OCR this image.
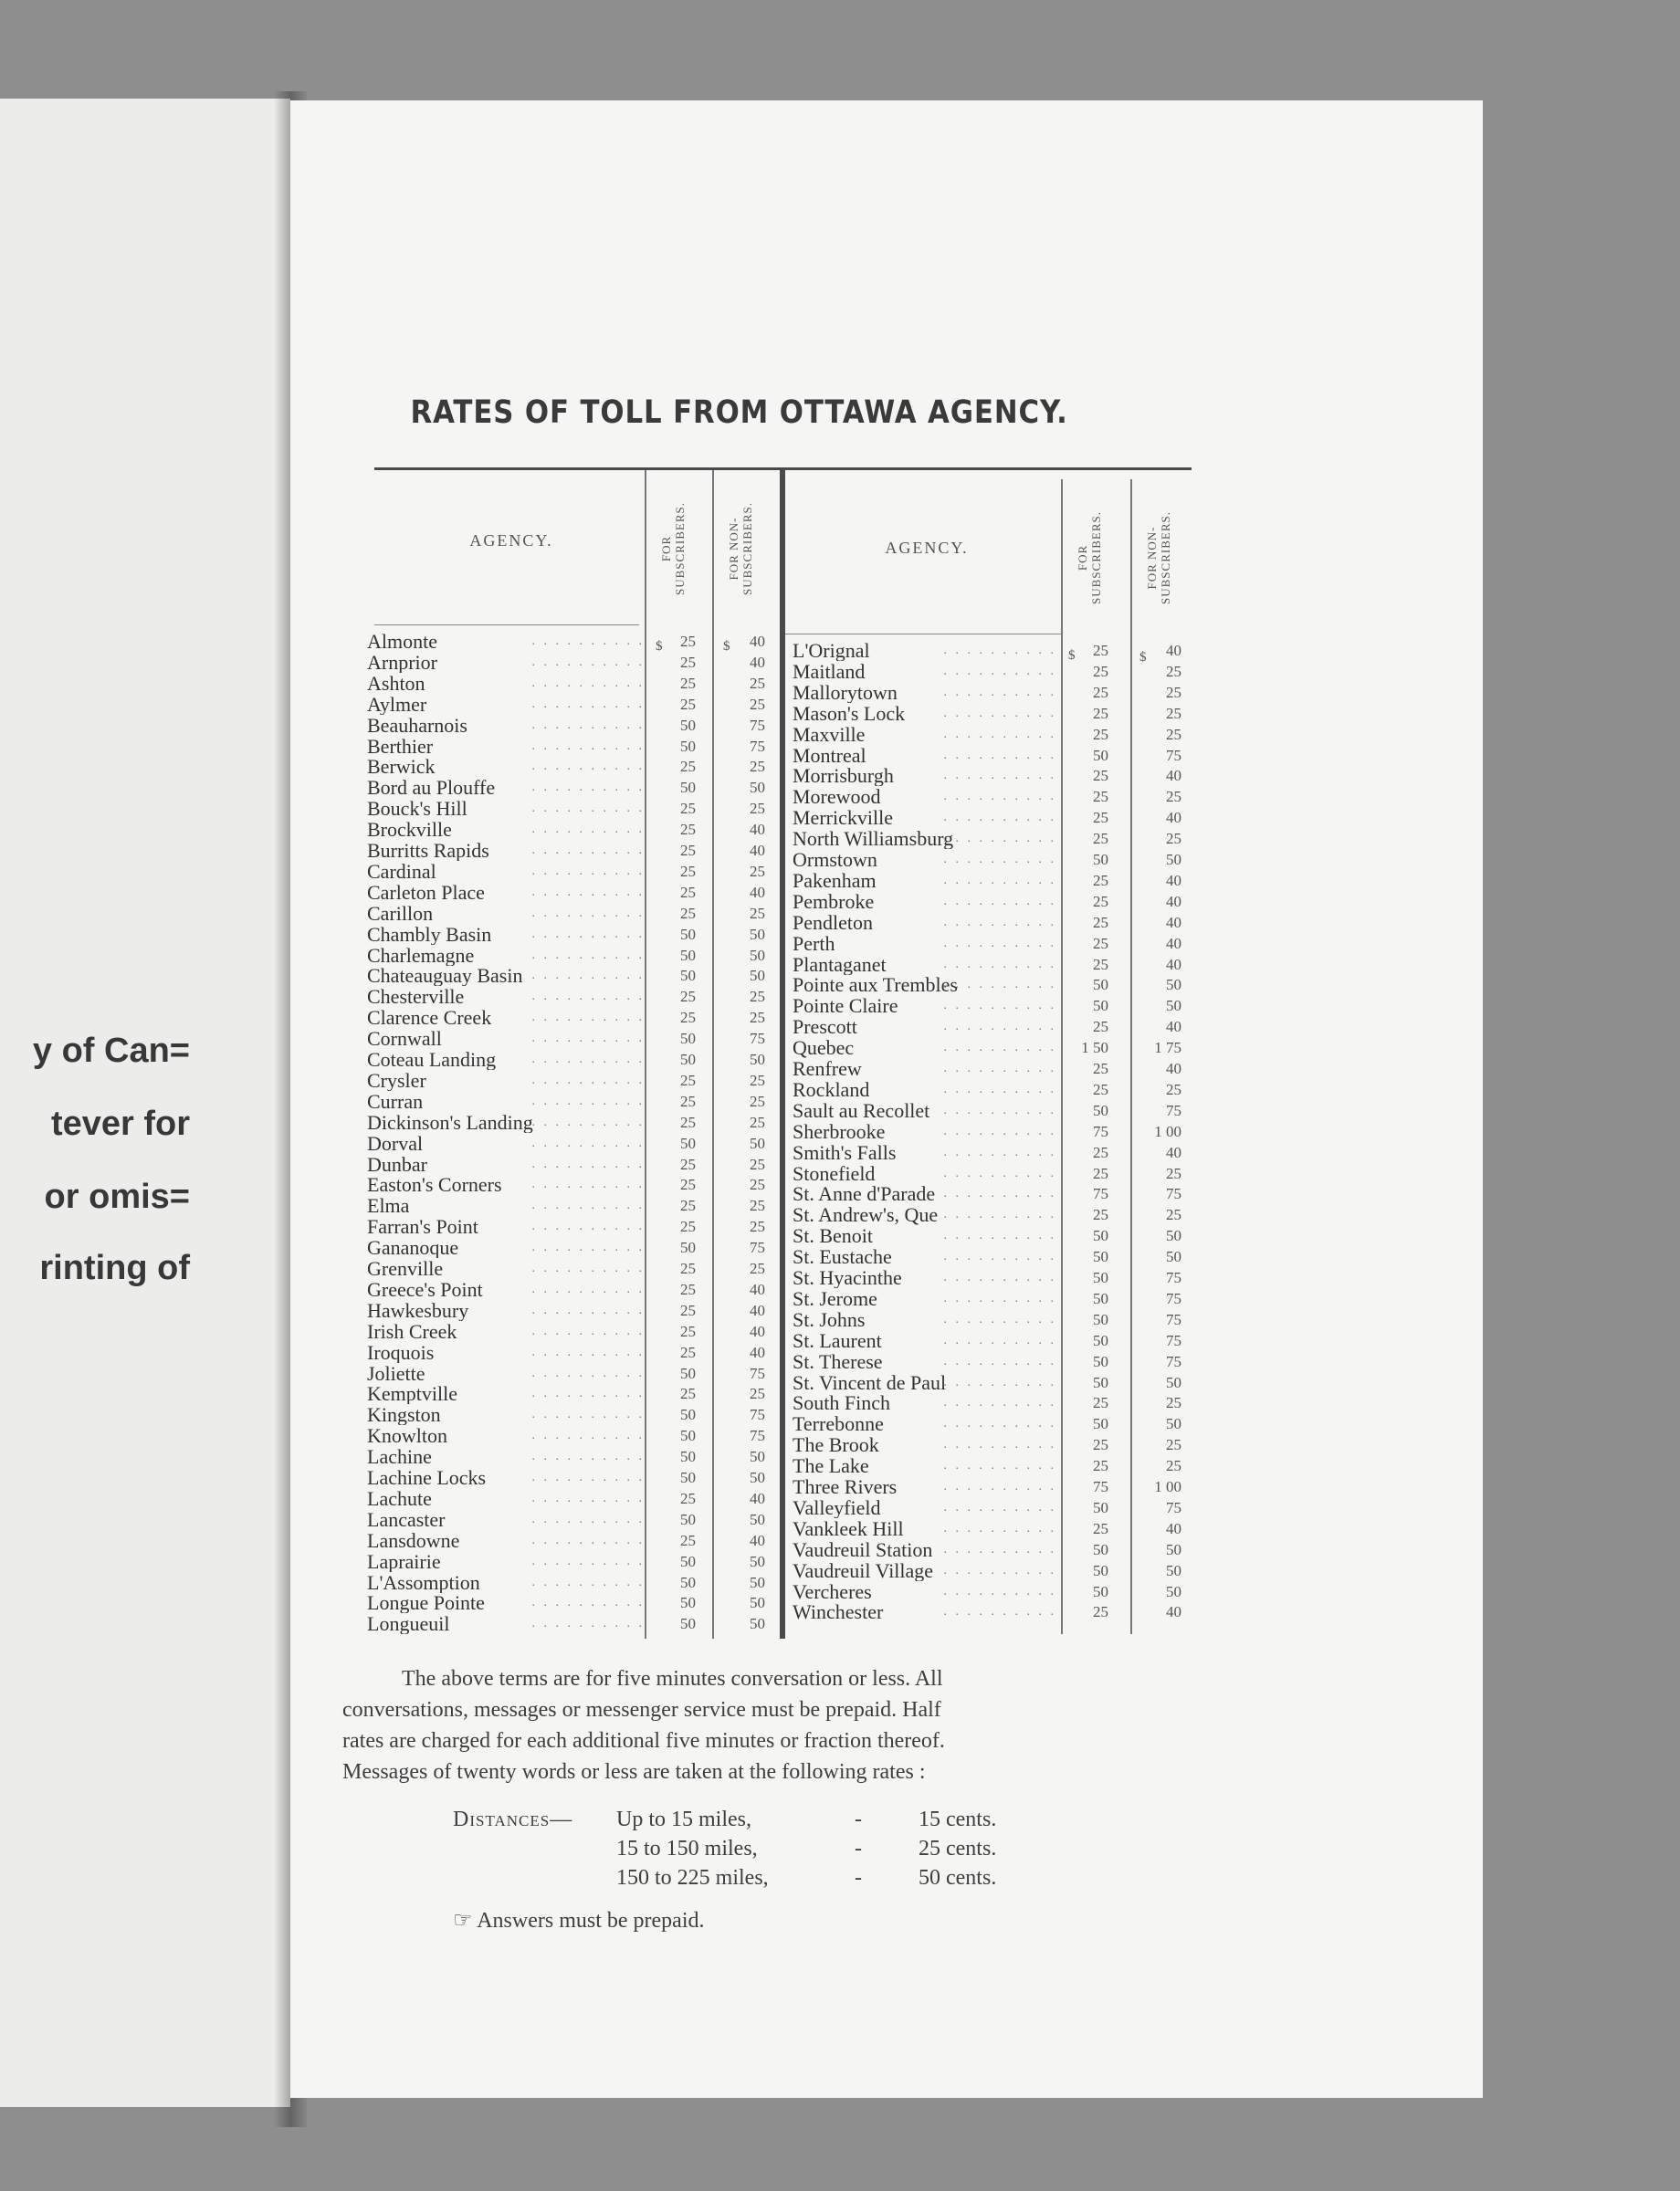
y of Can=
tever for
or omis=
rinting of
RATES OF TOLL FROM OTTAWA AGENCY.
AGENCY.	AGENCY.
FOR SUBSCRIBERS.	FOR NON- SUBSCRIBERS.	FOR SUBSCRIBERS.	FOR NON- SUBSCRIBERS.
$	$
$	$
Almonte	. . . . . . . . . .	25	40
Arnprior	. . . . . . . . . .	25	40
Ashton	. . . . . . . . . .	25	25
Aylmer	. . . . . . . . . .	25	25
Beauharnois	. . . . . . . . . .	50	75
Berthier	. . . . . . . . . .	50	75
Berwick	. . . . . . . . . .	25	25
Bord au Plouffe	. . . . . . . . . .	50	50
Bouck's Hill	. . . . . . . . . .	25	25
Brockville	. . . . . . . . . .	25	40
Burritts Rapids	. . . . . . . . . .	25	40
Cardinal	. . . . . . . . . .	25	25
Carleton Place	. . . . . . . . . .	25	40
Carillon	. . . . . . . . . .	25	25
Chambly Basin	. . . . . . . . . .	50	50
Charlemagne	. . . . . . . . . .	50	50
Chateauguay Basin . . . . . . . . . .	50	50
Chesterville	. . . . . . . . . .	25	25
Clarence Creek	. . . . . . . . . .	25	25
Cornwall	. . . . . . . . . .	50	75
Coteau Landing	. . . . . . . . . .	50	50
Crysler	. . . . . . . . . .	25	25
Curran	. . . . . . . . . .	25	25
Dickinson's Landing
. . . . . . . . . .	25	25
Dorval	. . . . . . . . . .	50	50
Dunbar	. . . . . . . . . .	25	25
Easton's Corners	. . . . . . . . . .	25	25
Elma	. . . . . . . . . .	25	25
Farran's Point	. . . . . . . . . .	25	25
Gananoque	. . . . . . . . . .	50	75
Grenville	. . . . . . . . . .	25	25
Greece's Point	. . . . . . . . . .	25	40
Hawkesbury	. . . . . . . . . .	25	40
Irish Creek	. . . . . . . . . .	25	40
Iroquois	. . . . . . . . . .	25	40
Joliette	. . . . . . . . . .	50	75
Kemptville	. . . . . . . . . .	25	25
Kingston	. . . . . . . . . .	50	75
Knowlton	. . . . . . . . . .	50	75
Lachine	. . . . . . . . . .	50	50
Lachine Locks	. . . . . . . . . .	50	50
Lachute	. . . . . . . . . .	25	40
Lancaster	. . . . . . . . . .	50	50
Lansdowne	. . . . . . . . . .	25	40
Laprairie	. . . . . . . . . .	50	50
L'Assomption	. . . . . . . . . .	50	50
Longue Pointe	. . . . . . . . . .	50	50
Longueuil	. . . . . . . . . .	50	50
L'Orignal	. . . . . . . . . .	25	40
Maitland	. . . . . . . . . .	25	25
Mallorytown	. . . . . . . . . .	25	25
Mason's Lock	. . . . . . . . . .	25	25
Maxville	. . . . . . . . . .	25	25
Montreal	. . . . . . . . . .	50	75
Morrisburgh	. . . . . . . . . .	25	40
Morewood	. . . . . . . . . .	25	25
Merrickville	. . . . . . . . . .	25	40
North Williamsburg
. . . . . . . . . .	25	25
Ormstown	. . . . . . . . . .	50	50
Pakenham	. . . . . . . . . .	25	40
Pembroke	. . . . . . . . . .	25	40
Pendleton	. . . . . . . . . .	25	40
Perth	. . . . . . . . . .	25	40
Plantaganet	. . . . . . . . . .	25	40
Pointe aux Trembles
. . . . . . . . . .	50	50
Pointe Claire	. . . . . . . . . .	50	50
Prescott	. . . . . . . . . .	25	40
Quebec	. . . . . . . . . .	1 50	1 75
Renfrew	. . . . . . . . . .	25	40
Rockland	. . . . . . . . . .	25	25
Sault au Recollet	. . . . . . . . . .	50	75
Sherbrooke	. . . . . . . . . .	75	1 00
Smith's Falls	. . . . . . . . . .	25	40
Stonefield	. . . . . . . . . .	25	25
St. Anne d'Parade . . . . . . . . . .	75	75
St. Andrew's, Que . . . . . . . . . .	25	25
St. Benoit	. . . . . . . . . .	50	50
St. Eustache	. . . . . . . . . .	50	50
St. Hyacinthe	. . . . . . . . . .	50	75
St. Jerome	. . . . . . . . . .	50	75
St. Johns	. . . . . . . . . .	50	75
St. Laurent	. . . . . . . . . .	50	75
St. Therese	. . . . . . . . . .	50	75
St. Vincent de Paul
. . . . . . . . . .	50	50
South Finch	. . . . . . . . . .	25	25
Terrebonne	. . . . . . . . . .	50	50
The Brook	. . . . . . . . . .	25	25
The Lake	. . . . . . . . . .	25	25
Three Rivers	. . . . . . . . . .	75	1 00
Valleyfield	. . . . . . . . . .	50	75
Vankleek Hill	. . . . . . . . . .	25	40
Vaudreuil Station . . . . . . . . . .	50	50
Vaudreuil Village . . . . . . . . . .	50	50
Vercheres	. . . . . . . . . .	50	50
Winchester	. . . . . . . . . .	25	40
The above terms are for five minutes conversation or less. All
conversations, messages or messenger service must be prepaid. Half
rates are charged for each additional five minutes or fraction thereof.
Messages of twenty words or less are taken at the following rates :
Distances— Up to 15 miles,	-	15 cents.
15 to 150 miles,	-	25 cents.
150 to 225 miles,	-	50 cents.
☞ Answers must be prepaid.
